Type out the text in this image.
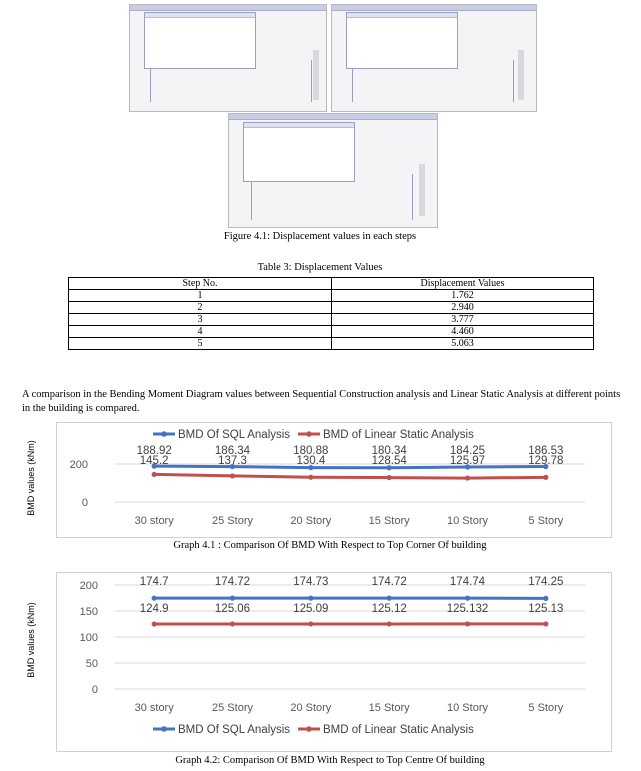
Figure 4.1: Displacement values in each steps
Table 3: Displacement Values
Step No.	Displacement Values
1	1.762
2	2.940
3	3.777
4	4.460
5	5.063
A comparison in the Bending Moment Diagram values between Sequential Construction analysis and Linear Static Analysis at different points in the building is compared.
200
0
BMD values (kNm)
30 story	25 Story	20 Story	15 Story	10 Story	5 Story
188.92	186.34	180.88	180.34	184.25	186.53
145.2	137.3	130.4	128.54	125.97	129.78
BMD Of SQL Analysis	BMD of Linear Static Analysis
Graph 4.1 : Comparison Of BMD With Respect to Top Corner Of building
200
150
100
50
0
BMD values (kNm)
30 story	25 Story	20 Story	15 Story	10 Story	5 Story
174.7	174.72	174.73	174.72	174.74	174.25
124.9	125.06	125.09	125.12	125.132	125.13
BMD Of SQL Analysis	BMD of Linear Static Analysis
Graph 4.2: Comparison Of BMD With Respect to Top Centre Of building
